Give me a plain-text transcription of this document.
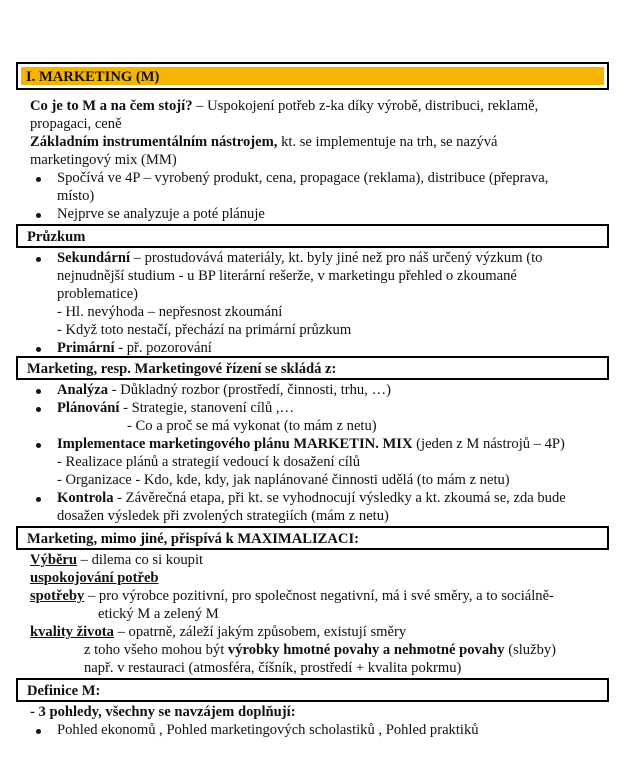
I. MARKETING (M)
Co je to M a na čem stojí? – Uspokojení potřeb z-ka díky výrobě, distribuci, reklamě,
propagaci, ceně
Základním instrumentálním nástrojem, kt. se implementuje na trh, se nazývá
marketingový mix (MM)
Spočívá ve 4P – vyrobený produkt, cena, propagace (reklama), distribuce (přeprava,
místo)
Nejprve se analyzuje a poté plánuje
Průzkum
Sekundární – prostudovává materiály, kt. byly jiné než pro náš určený výzkum (to
nejnudnější studium - u BP literární rešerže, v marketingu přehled o zkoumané
problematice)
- Hl. nevýhoda – nepřesnost zkoumání
- Když toto nestačí, přechází na primární průzkum
Primární - př. pozorování
Marketing, resp. Marketingové řízení se skládá z:
Analýza - Důkladný rozbor (prostředí, činnosti, trhu, …)
Plánování - Strategie, stanovení cílů ,…
- Co a proč se má vykonat (to mám z netu)
Implementace marketingového plánu MARKETIN. MIX (jeden z M nástrojů – 4P)
- Realizace plánů a strategií vedoucí k dosažení cílů
- Organizace - Kdo, kde, kdy, jak naplánované činnosti udělá (to mám z netu)
Kontrola - Závěrečná etapa, při kt. se vyhodnocují výsledky a kt. zkoumá se, zda bude
dosažen výsledek při zvolených strategiích (mám z netu)
Marketing, mimo jiné, přispívá k MAXIMALIZACI:
Výběru – dilema co si koupit
uspokojování potřeb
spotřeby – pro výrobce pozitivní, pro společnost negativní, má i své směry, a to sociálně-
etický M a zelený M
kvality života – opatrně, záleží jakým způsobem, existují směry
z toho všeho mohou být výrobky hmotné povahy a nehmotné povahy (služby)
např. v restauraci (atmosféra, číšník, prostředí + kvalita pokrmu)
Definice M:
- 3 pohledy, všechny se navzájem doplňují:
Pohled ekonomů , Pohled marketingových scholastiků , Pohled praktiků
